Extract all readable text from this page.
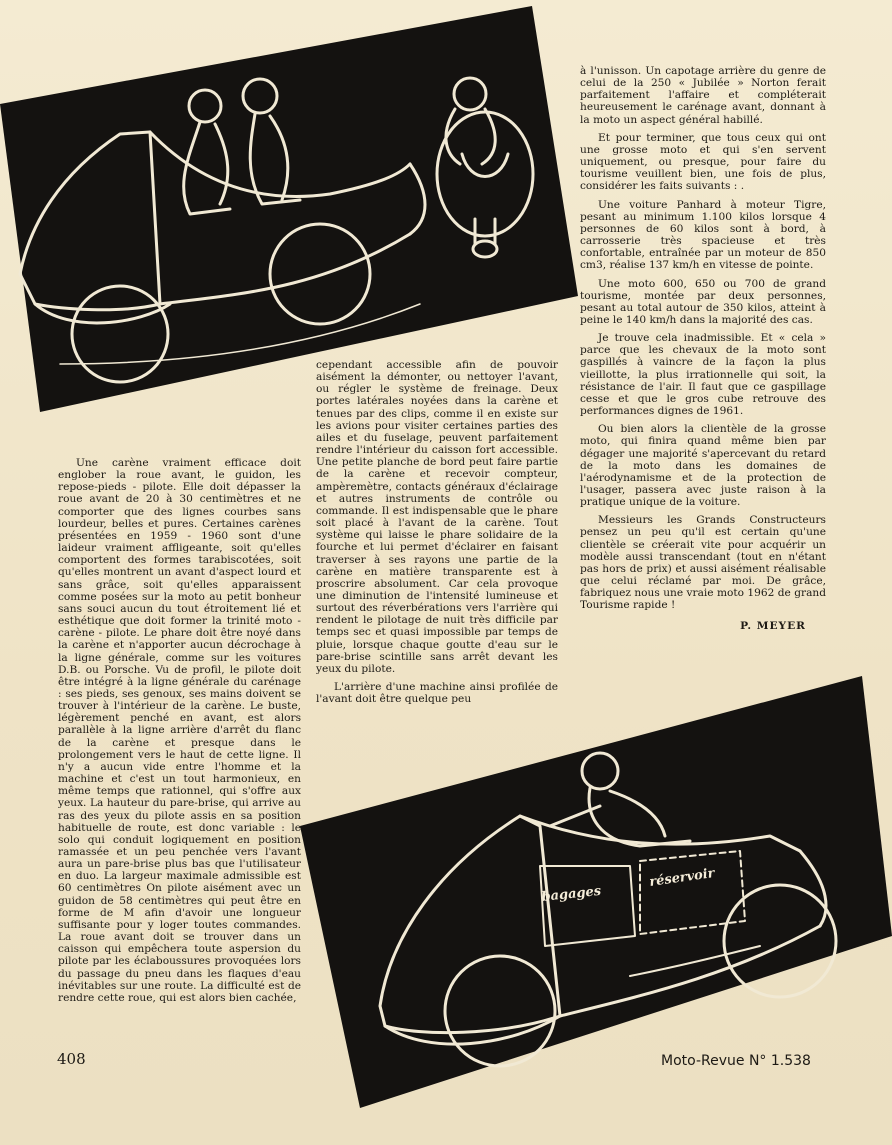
bagages
réservoir

Une carène vraiment efficace doit englober la roue avant, le guidon, les repose-pieds - pilote. Elle doit dépasser la roue avant de 20 à 30 centimètres et ne comporter que des lignes courbes sans lourdeur, belles et pures. Certaines carènes présentées en 1959 - 1960 sont d'une laideur vraiment affligeante, soit qu'elles comportent des formes tarabiscotées, soit qu'elles montrent un avant d'aspect lourd et sans grâce, soit qu'elles apparaissent comme posées sur la moto au petit bonheur sans souci aucun du tout étroitement lié et esthétique que doit former la trinité moto - carène - pilote. Le phare doit être noyé dans la carène et n'apporter aucun décrochage à la ligne générale, comme sur les voitures D.B. ou Porsche. Vu de profil, le pilote doit être intégré à la ligne générale du carénage : ses pieds, ses genoux, ses mains doivent se trouver à l'intérieur de la carène. Le buste, légèrement penché en avant, est alors parallèle à la ligne arrière d'arrêt du flanc de la carène et presque dans le prolongement vers le haut de cette ligne. Il n'y a aucun vide entre l'homme et la machine et c'est un tout harmonieux, en même temps que rationnel, qui s'offre aux yeux. La hauteur du pare-brise, qui arrive au ras des yeux du pilote assis en sa position habituelle de route, est donc variable : le solo qui conduit logiquement en position ramassée et un peu penchée vers l'avant aura un pare-brise plus bas que l'utilisateur en duo. La largeur maximale admissible est 60 centimètres On pilote aisément avec un guidon de 58 centimètres qui peut être en forme de M afin d'avoir une longueur suffisante pour y loger toutes commandes. La roue avant doit se trouver dans un caisson qui empêchera toute aspersion du pilote par les éclaboussures provoquées lors du passage du pneu dans les flaques d'eau inévitables sur une route. La difficulté est de rendre cette roue, qui est alors bien cachée,

cependant accessible afin de pouvoir aisément la démonter, ou nettoyer l'avant, ou régler le système de freinage. Deux portes latérales noyées dans la carène et tenues par des clips, comme il en existe sur les avions pour visiter certaines parties des ailes et du fuselage, peuvent parfaitement rendre l'intérieur du caisson fort accessible. Une petite planche de bord peut faire partie de la carène et recevoir compteur, ampèremètre, contacts généraux d'éclairage et autres instruments de contrôle ou commande. Il est indispensable que le phare soit placé à l'avant de la carène. Tout système qui laisse le phare solidaire de la fourche et lui permet d'éclairer en faisant traverser à ses rayons une partie de la carène en matière transparente est à proscrire absolument. Car cela provoque une diminution de l'intensité lumineuse et surtout des réverbérations vers l'arrière qui rendent le pilotage de nuit très difficile par temps sec et quasi impossible par temps de pluie, lorsque chaque goutte d'eau sur le pare-brise scintille sans arrêt devant les yeux du pilote.

L'arrière d'une machine ainsi profilée de l'avant doit être quelque peu

à l'unisson. Un capotage arrière du genre de celui de la 250 « Jubilée » Norton ferait parfaitement l'affaire et compléterait heureusement le carénage avant, donnant à la moto un aspect général habillé.

Et pour terminer, que tous ceux qui ont une grosse moto et qui s'en servent uniquement, ou presque, pour faire du tourisme veuillent bien, une fois de plus, considérer les faits suivants : .

Une voiture Panhard à moteur Tigre, pesant au minimum 1.100 kilos lorsque 4 personnes de 60 kilos sont à bord, à carrosserie très spacieuse et très confortable, entraînée par un moteur de 850 cm3, réalise 137 km/h en vitesse de pointe.

Une moto 600, 650 ou 700 de grand tourisme, montée par deux personnes, pesant au total autour de 350 kilos, atteint à peine le 140 km/h dans la majorité des cas.

Je trouve cela inadmissible. Et « cela » parce que les chevaux de la moto sont gaspillés à vaincre de la façon la plus vieillotte, la plus irrationnelle qui soit, la résistance de l'air. Il faut que ce gaspillage cesse et que le gros cube retrouve des performances dignes de 1961.

Ou bien alors la clientèle de la grosse moto, qui finira quand même bien par dégager une majorité s'apercevant du retard de la moto dans les domaines de l'aérodynamisme et de la protection de l'usager, passera avec juste raison à la pratique unique de la voiture.

Messieurs les Grands Constructeurs pensez un peu qu'il est certain qu'une clientèle se créerait vite pour acquérir un modèle aussi transcendant (tout en n'étant pas hors de prix) et aussi aisément réalisable que celui réclamé par moi. De grâce, fabriquez nous une vraie moto 1962 de grand Tourisme rapide !

P. MEYER
408	Moto-Revue N° 1.538
